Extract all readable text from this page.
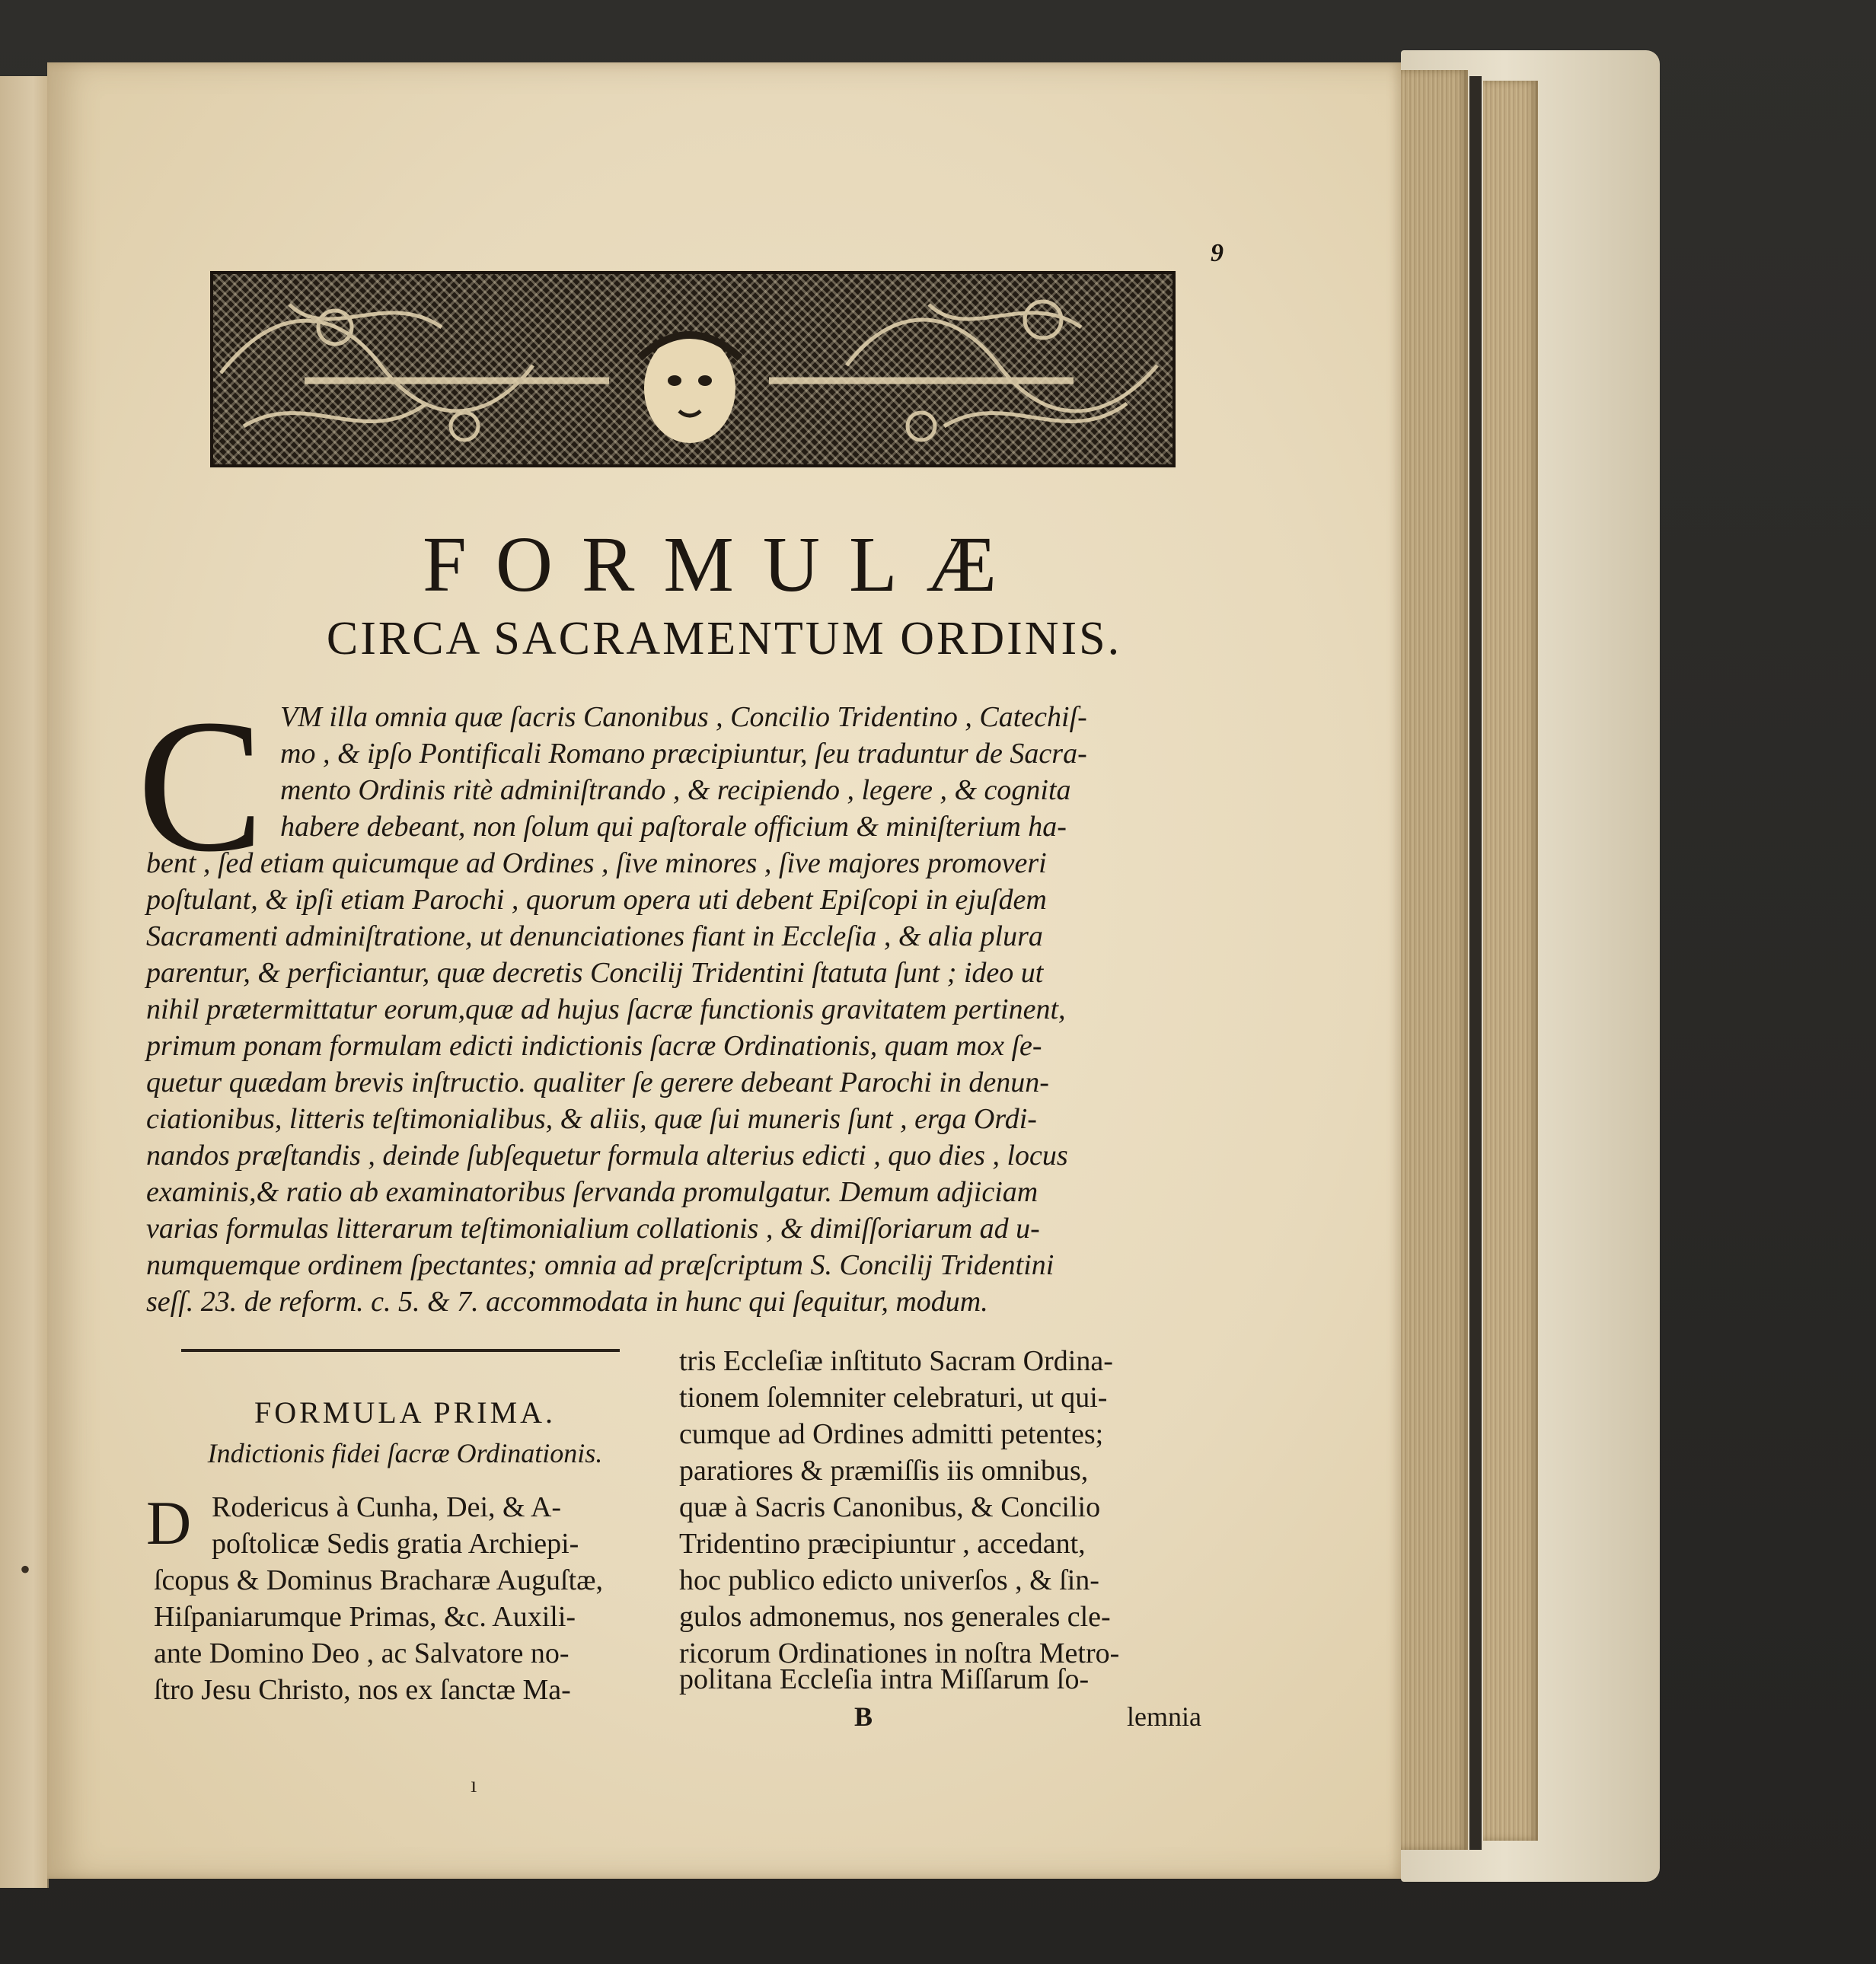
•
9
FORMULÆ
CIRCA SACRAMENTUM ORDINIS.
C VM illa omnia quæ ſacris Canonibus , Concilio Tridentino , Catechiſ-
mo , & ipſo Pontificali Romano præcipiuntur, ſeu traduntur de Sacra-
mento Ordinis ritè adminiſtrando , & recipiendo , legere , & cognita
habere debeant, non ſolum qui paſtorale officium & miniſterium ha-
bent , ſed etiam quicumque ad Ordines , ſive minores , ſive majores promoveri
poſtulant, & ipſi etiam Parochi , quorum opera uti debent Epiſcopi in ejuſdem
Sacramenti adminiſtratione, ut denunciationes fiant in Eccleſia , & alia plura
parentur, & perficiantur, quæ decretis Concilij Tridentini ſtatuta ſunt ; ideo ut
nihil prætermittatur eorum,quæ ad hujus ſacræ functionis gravitatem pertinent,
primum ponam formulam edicti indictionis ſacræ Ordinationis, quam mox ſe-
quetur quædam brevis inſtructio. qualiter ſe gerere debeant Parochi in denun-
ciationibus, litteris teſtimonialibus, & aliis, quæ ſui muneris ſunt , erga Ordi-
nandos præſtandis , deinde ſubſequetur formula alterius edicti , quo dies , locus
examinis,& ratio ab examinatoribus ſervanda promulgatur. Demum adjiciam
varias formulas litterarum teſtimonialium collationis , & dimiſſoriarum ad u-
numquemque ordinem ſpectantes; omnia ad præſcriptum S. Concilij Tridentini
seſſ. 23. de reform. c. 5. & 7. accommodata in hunc qui ſequitur, modum.
FORMULA PRIMA.
Indictionis fidei ſacræ Ordinationis.
D Rodericus à Cunha, Dei, & A-
poſtolicæ Sedis gratia Archiepi-
ſcopus & Dominus Bracharæ Auguſtæ,
Hiſpaniarumque Primas, &c. Auxili-
ante Domino Deo , ac Salvatore no-
ſtro Jesu Christo, nos ex ſanctæ Ma-
tris Eccleſiæ inſtituto Sacram Ordina-
tionem ſolemniter celebraturi, ut qui-
cumque ad Ordines admitti petentes;
paratiores & præmiſſis iis omnibus,
quæ à Sacris Canonibus, & Concilio
Tridentino præcipiuntur , accedant,
hoc publico edicto univerſos , & ſin-
gulos admonemus, nos generales cle-
ricorum Ordinationes in noſtra Metro-
politana Eccleſia intra Miſſarum ſo-
B	lemnia
ı
